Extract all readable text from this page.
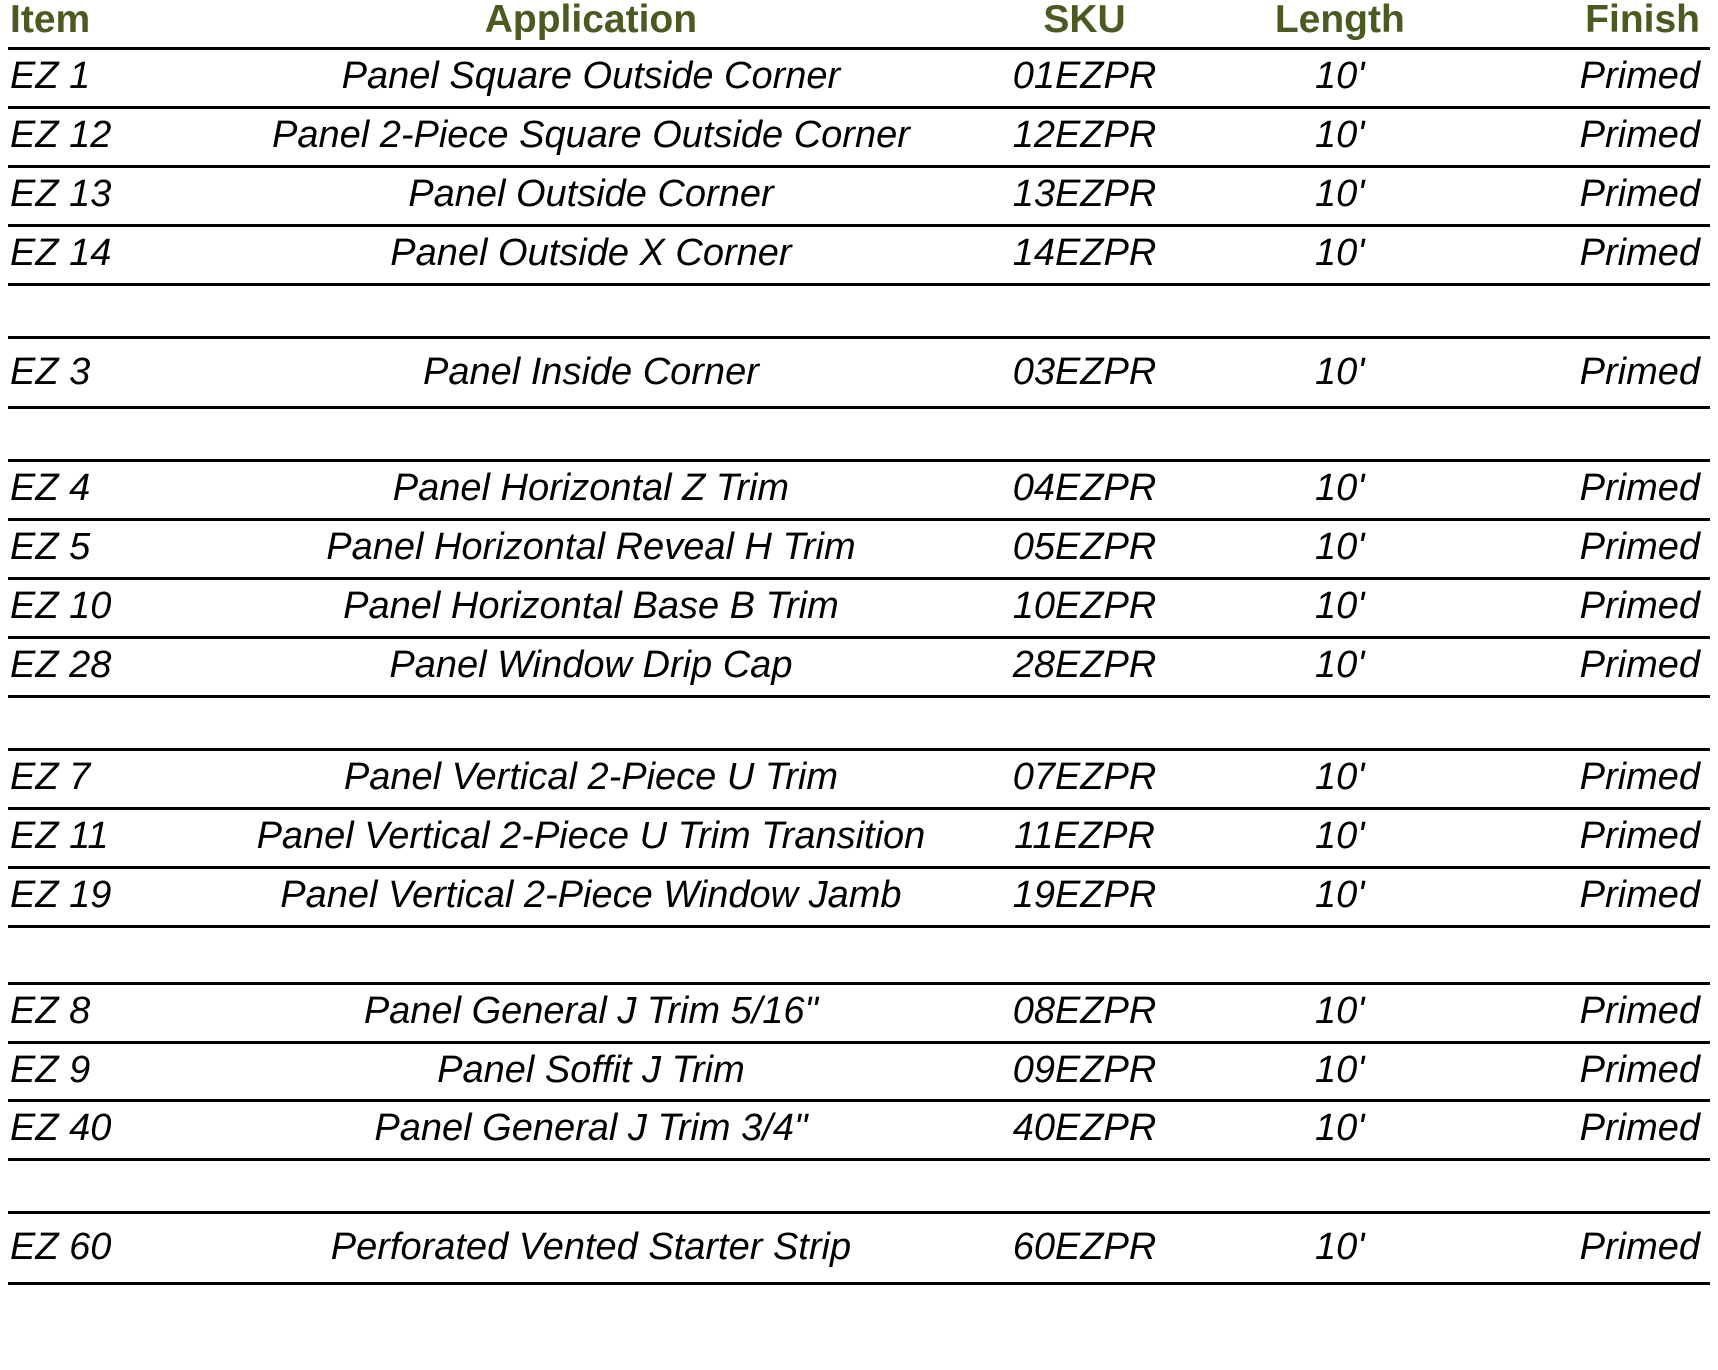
Item	Application	SKU	Length	Finish
EZ 1	Panel Square Outside Corner	01EZPR	10'	Primed
EZ 12	Panel 2-Piece Square Outside Corner	12EZPR	10'	Primed
EZ 13	Panel Outside Corner	13EZPR	10'	Primed
EZ 14	Panel Outside X Corner	14EZPR	10'	Primed

EZ 3	Panel Inside Corner	03EZPR	10'	Primed

EZ 4	Panel Horizontal Z Trim	04EZPR	10'	Primed
EZ 5	Panel Horizontal Reveal H Trim	05EZPR	10'	Primed
EZ 10	Panel Horizontal Base B Trim	10EZPR	10'	Primed
EZ 28	Panel Window Drip Cap	28EZPR	10'	Primed

EZ 7	Panel Vertical 2-Piece U Trim	07EZPR	10'	Primed
EZ 11	Panel Vertical 2-Piece U Trim Transition	11EZPR	10'	Primed
EZ 19	Panel Vertical 2-Piece Window Jamb	19EZPR	10'	Primed

EZ 8	Panel General J Trim 5/16"	08EZPR	10'	Primed
EZ 9	Panel Soffit J Trim	09EZPR	10'	Primed
EZ 40	Panel General J Trim 3/4"	40EZPR	10'	Primed

EZ 60	Perforated Vented Starter Strip	60EZPR	10'	Primed
